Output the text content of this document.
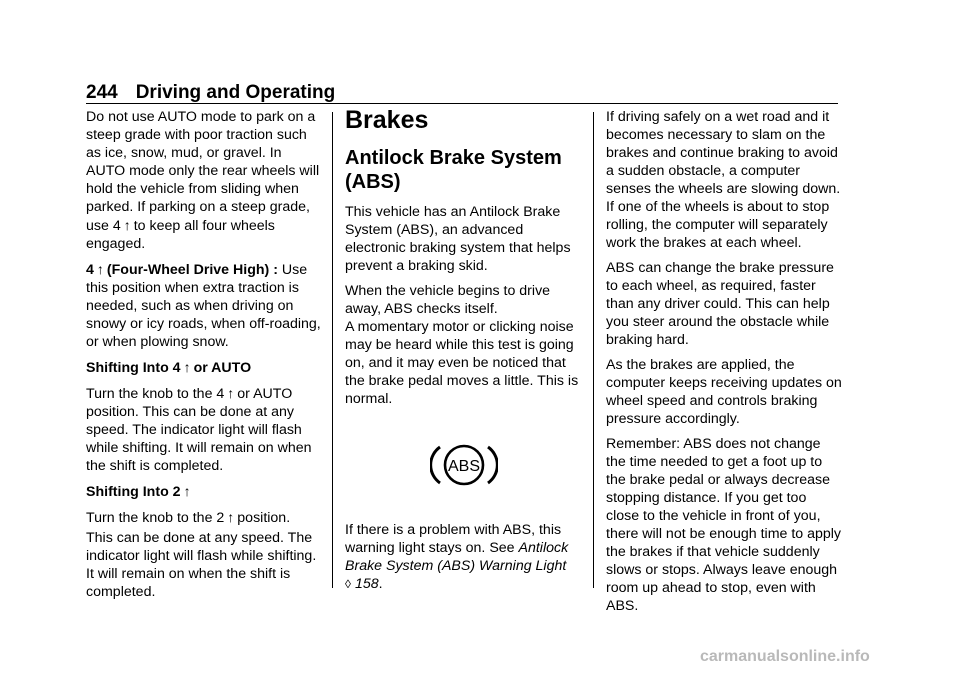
244 Driving and Operating

Do not use AUTO mode to park on a steep grade with poor traction such as ice, snow, mud, or gravel. In AUTO mode only the rear wheels will hold the vehicle from sliding when parked. If parking on a steep grade, use 4 ↑ to keep all four wheels engaged.

4 ↑ (Four-Wheel Drive High) : Use this position when extra traction is needed, such as when driving on snowy or icy roads, when off-roading, or when plowing snow.

Shifting Into 4 ↑ or AUTO

Turn the knob to the 4 ↑ or AUTO position. This can be done at any speed. The indicator light will flash while shifting. It will remain on when the shift is completed.

Shifting Into 2 ↑

Turn the knob to the 2 ↑ position.

This can be done at any speed. The indicator light will flash while shifting. It will remain on when the shift is completed.

Brakes
Antilock Brake System (ABS)

This vehicle has an Antilock Brake System (ABS), an advanced electronic braking system that helps prevent a braking skid.

When the vehicle begins to drive away, ABS checks itself.

A momentary motor or clicking noise may be heard while this test is going on, and it may even be noticed that the brake pedal moves a little. This is normal.

ABS

If there is a problem with ABS, this warning light stays on. See Antilock Brake System (ABS) Warning Light
◊ 158.

If driving safely on a wet road and it becomes necessary to slam on the brakes and continue braking to avoid a sudden obstacle, a computer senses the wheels are slowing down. If one of the wheels is about to stop rolling, the computer will separately work the brakes at each wheel.

ABS can change the brake pressure to each wheel, as required, faster than any driver could. This can help you steer around the obstacle while braking hard.

As the brakes are applied, the computer keeps receiving updates on wheel speed and controls braking pressure accordingly.

Remember: ABS does not change the time needed to get a foot up to the brake pedal or always decrease stopping distance. If you get too close to the vehicle in front of you, there will not be enough time to apply the brakes if that vehicle suddenly slows or stops. Always leave enough room up ahead to stop, even with ABS.

carmanualsonline.info
